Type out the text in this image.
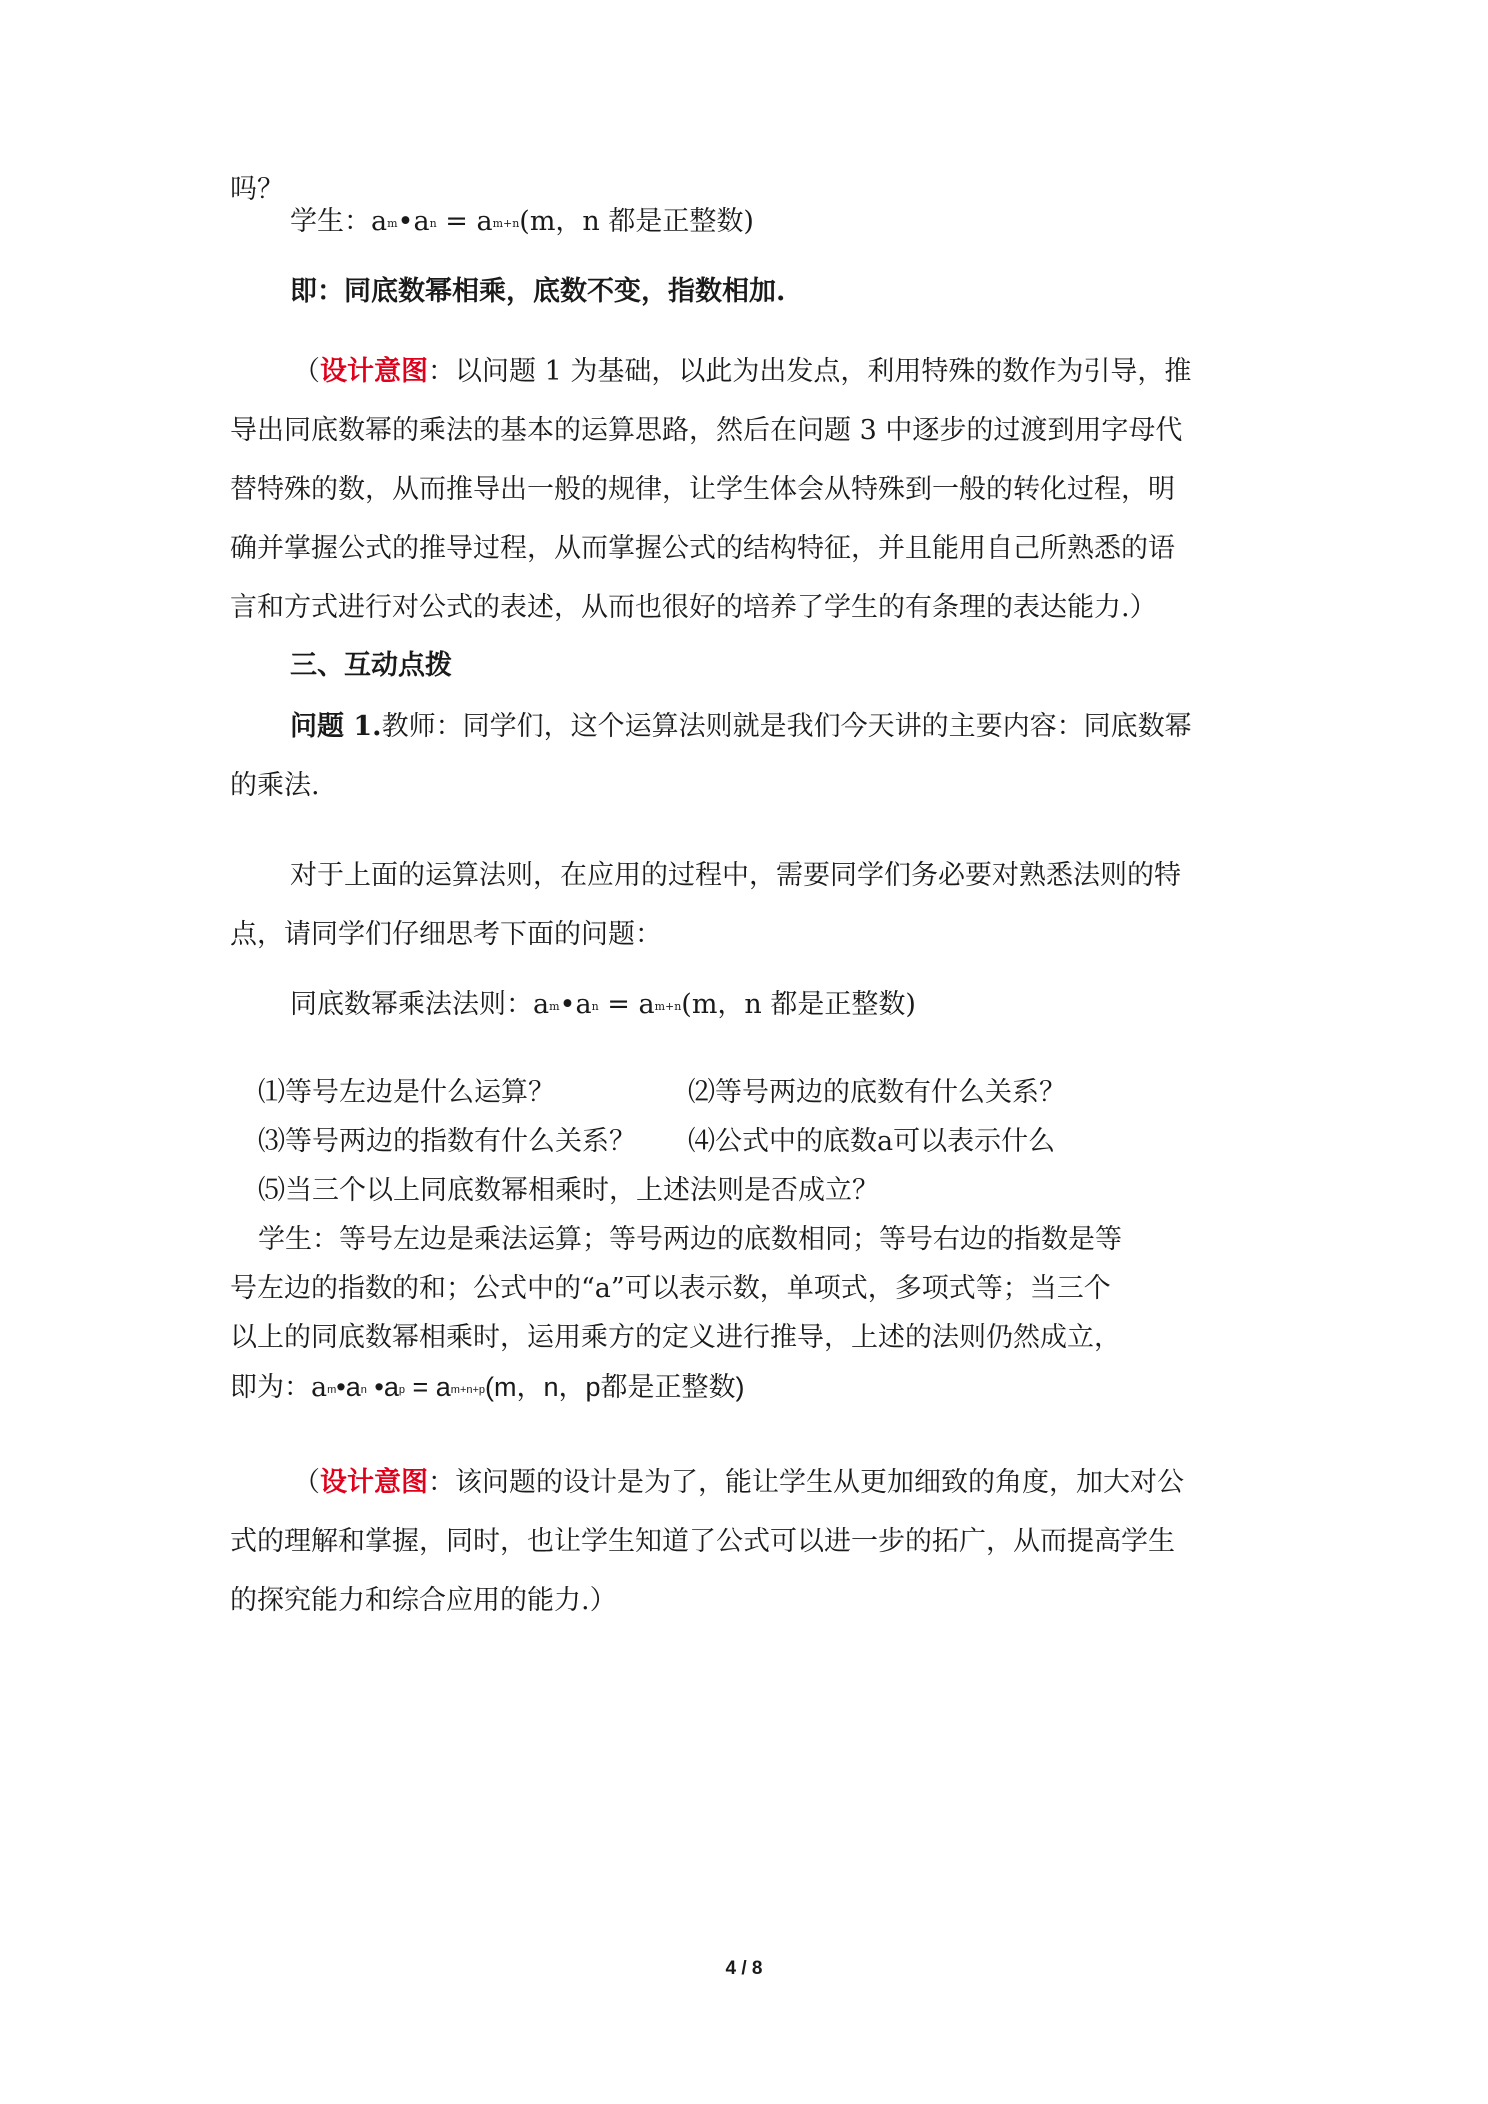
吗？
学生：$a^m•a^n = a^{m+n}(m$，n 都是正整数)
即：同底数幂相乘，底数不变，指数相加.
（设计意图：以问题 1 为基础，以此为出发点，利用特殊的数作为引导，推
导出同底数幂的乘法的基本的运算思路，然后在问题 3 中逐步的过渡到用字母代
替特殊的数，从而推导出一般的规律，让学生体会从特殊到一般的转化过程，明
确并掌握公式的推导过程，从而掌握公式的结构特征，并且能用自己所熟悉的语
言和方式进行对公式的表述，从而也很好的培养了学生的有条理的表达能力.）
三、互动点拨
问题 1.教师：同学们，这个运算法则就是我们今天讲的主要内容：同底数幂
的乘法.
对于上面的运算法则，在应用的过程中，需要同学们务必要对熟悉法则的特
点，请同学们仔细思考下面的问题：
同底数幂乘法法则：$a^m•a^n = a^{m+n}(m$，n 都是正整数)
⑴等号左边是什么运算？	⑵等号两边的底数有什么关系？
⑶等号两边的指数有什么关系？ ⑷公式中的底数a可以表示什么
⑸当三个以上同底数幂相乘时，上述法则是否成立？
学生：等号左边是乘法运算；等号两边的底数相同；等号右边的指数是等
号左边的指数的和；公式中的“a”可以表示数，单项式，多项式等；当三个
以上的同底数幂相乘时，运用乘方的定义进行推导，上述的法则仍然成立，
即为：$a^m•a^n$ $•a^p = a^{m+n+p}(m$，n，p都是正整数)
（设计意图：该问题的设计是为了，能让学生从更加细致的角度，加大对公
式的理解和掌握，同时，也让学生知道了公式可以进一步的拓广，从而提高学生
的探究能力和综合应用的能力.）
4 / 8
